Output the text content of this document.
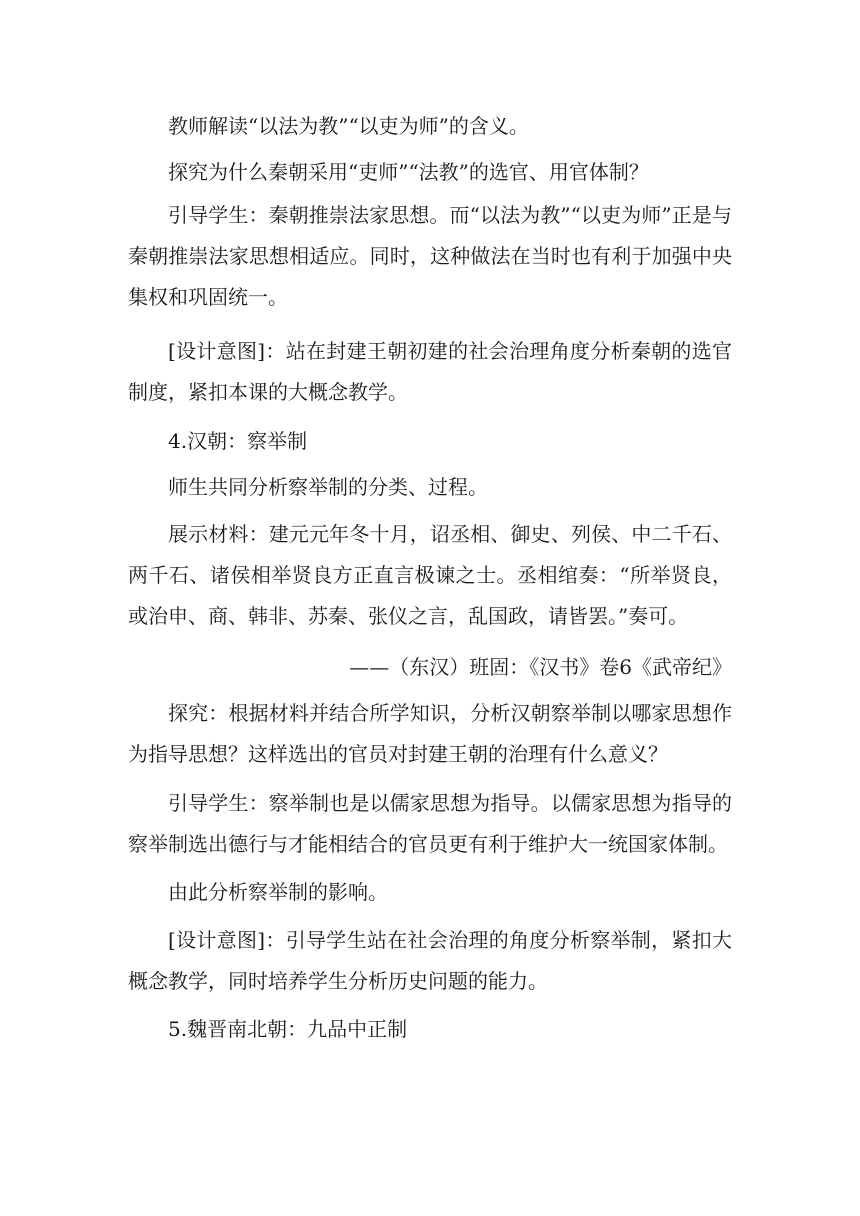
教师解读“以法为教”“以吏为师”的含义。

探究为什么秦朝采用“吏师”“法教”的选官、用官体制？

引导学生：秦朝推崇法家思想。而“以法为教”“以吏为师”正是与秦朝推崇法家思想相适应。同时，这种做法在当时也有利于加强中央集权和巩固统一。

[设计意图]：站在封建王朝初建的社会治理角度分析秦朝的选官制度，紧扣本课的大概念教学。

4.汉朝：察举制

师生共同分析察举制的分类、过程。

展示材料：建元元年冬十月，诏丞相、御史、列侯、中二千石、两千石、诸侯相举贤良方正直言极谏之士。丞相绾奏：“所举贤良，或治申、商、韩非、苏秦、张仪之言，乱国政，请皆罢。”奏可。

——（东汉）班固：《汉书》卷6《武帝纪》

探究：根据材料并结合所学知识，分析汉朝察举制以哪家思想作为指导思想？这样选出的官员对封建王朝的治理有什么意义？

引导学生：察举制也是以儒家思想为指导。以儒家思想为指导的察举制选出德行与才能相结合的官员更有利于维护大一统国家体制。

由此分析察举制的影响。

[设计意图]：引导学生站在社会治理的角度分析察举制，紧扣大概念教学，同时培养学生分析历史问题的能力。

5.魏晋南北朝：九品中正制
